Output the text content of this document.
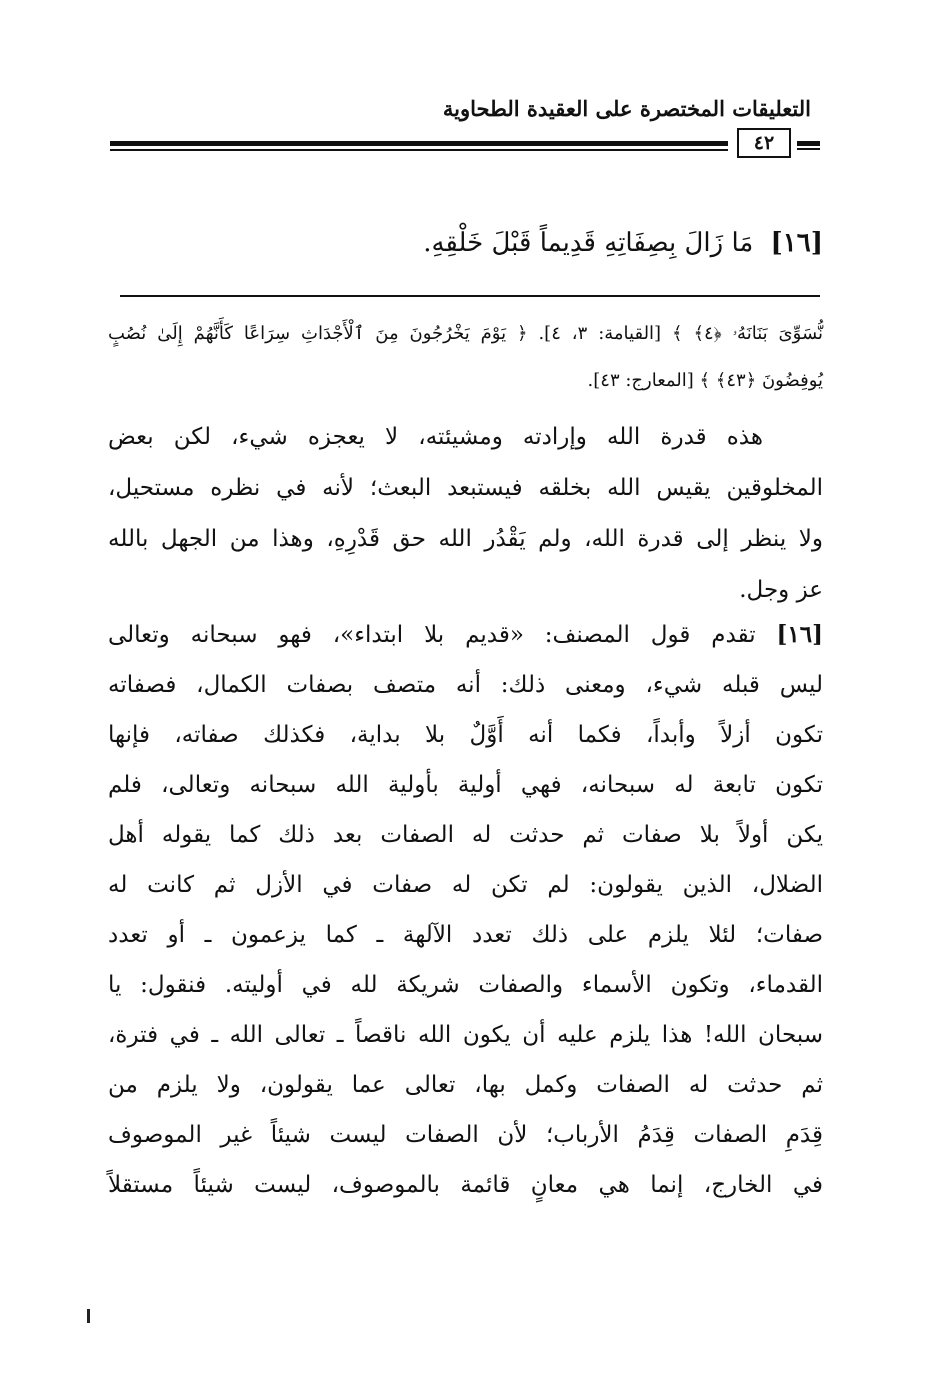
التعليقات المختصرة على العقيدة الطحاوية
٤٢
[١٦] مَا زَالَ بِصِفَاتِهِ قَدِيماً قَبْلَ خَلْقِهِ.
نُّسَوِّىَ بَنَانَهُۥ ﴿٤﴾ ﴾ [القيامة: ٣، ٤]. ﴿ يَوْمَ يَخْرُجُونَ مِنَ ٱلْأَجْدَاثِ سِرَاعًا كَأَنَّهُمْ إِلَىٰ نُصُبٍ
يُوفِضُونَ ﴿٤٣﴾ ﴾ [المعارج: ٤٣].
هذه قدرة الله وإرادته ومشيئته، لا يعجزه شيء، لكن بعض
المخلوقين يقيس الله بخلقه فيستبعد البعث؛ لأنه في نظره مستحيل،
ولا ينظر إلى قدرة الله، ولم يَقْدُر الله حق قَدْرِهِ، وهذا من الجهل بالله
عز وجل.
[١٦] تقدم قول المصنف: «قديم بلا ابتداء»، فهو سبحانه وتعالى
ليس قبله شيء، ومعنى ذلك: أنه متصف بصفات الكمال، فصفاته
تكون أزلاً وأبداً، فكما أنه أَوَّلٌ بلا بداية، فكذلك صفاته، فإنها
تكون تابعة له سبحانه، فهي أولية بأولية الله سبحانه وتعالى، فلم
يكن أولاً بلا صفات ثم حدثت له الصفات بعد ذلك كما يقوله أهل
الضلال، الذين يقولون: لم تكن له صفات في الأزل ثم كانت له
صفات؛ لئلا يلزم على ذلك تعدد الآلهة ـ كما يزعمون ـ أو تعدد
القدماء، وتكون الأسماء والصفات شريكة لله في أوليته. فنقول: يا
سبحان الله! هذا يلزم عليه أن يكون الله ناقصاً ـ تعالى الله ـ في فترة،
ثم حدثت له الصفات وكمل بها، تعالى عما يقولون، ولا يلزم من
قِدَمِ الصفات قِدَمُ الأرباب؛ لأن الصفات ليست شيئاً غير الموصوف
في الخارج، إنما هي معانٍ قائمة بالموصوف، ليست شيئاً مستقلاً
